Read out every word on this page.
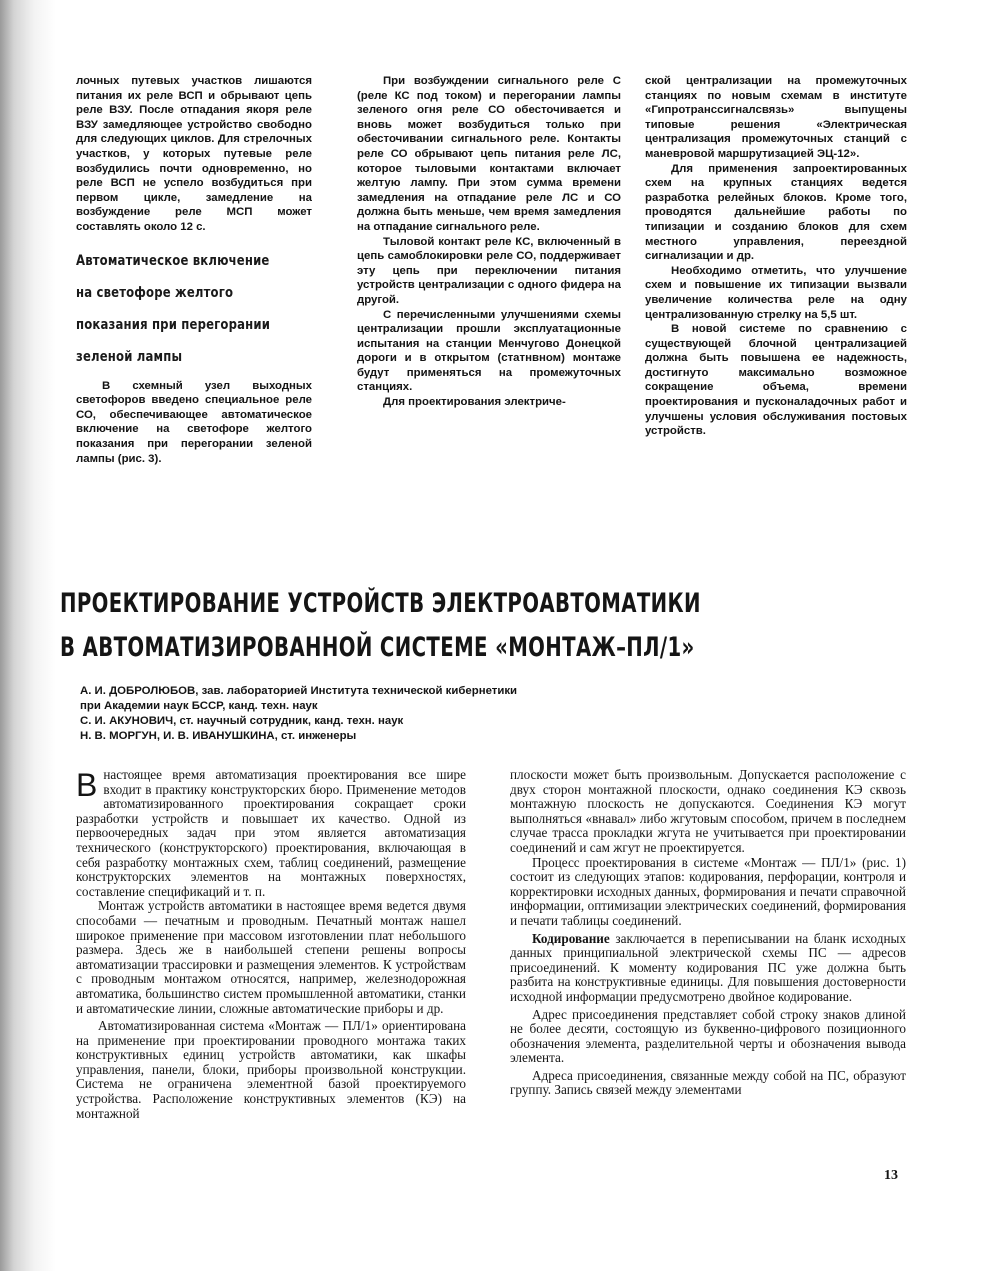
лочных путевых участков лишаются питания их реле ВСП и обрывают цепь реле ВЗУ. После отпадания якоря реле ВЗУ замедляющее устройство свободно для следующих циклов. Для стрелочных участков, у которых путевые реле возбудились почти одновременно, но реле ВСП не успело возбудиться при первом цикле, замедление на возбуждение реле МСП может составлять около 12 с.

Автоматическое включение
на светофоре желтого
показания при перегорании
зеленой лампы

В схемный узел выходных светофоров введено специальное реле СО, обеспечивающее автоматическое включение на светофоре желтого показания при перегорании зеленой лампы (рис. 3).

При возбуждении сигнального реле С (реле КС под током) и перегорании лампы зеленого огня реле СО обесточивается и вновь может возбудиться только при обесточивании сигнального реле. Контакты реле СО обрывают цепь питания реле ЛС, которое тыловыми контактами включает желтую лампу. При этом сумма времени замедления на отпадание реле ЛС и СО должна быть меньше, чем время замедления на отпадание сигнального реле.

Тыловой контакт реле КС, включенный в цепь самоблокировки реле СО, поддерживает эту цепь при переключении питания устройств централизации с одного фидера на другой.

С перечисленными улучшениями схемы централизации прошли эксплуатационные испытания на станции Менчугово Донецкой дороги и в открытом (статнвном) монтаже будут применяться на промежуточных станциях.

Для проектирования электриче-

ской централизации на промежуточных станциях по новым схемам в институте «Гипротранссигналсвязь» выпущены типовые решения «Электрическая централизация промежуточных станций с маневровой маршрутизацией ЭЦ-12».

Для применения запроектированных схем на крупных станциях ведется разработка релейных блоков. Кроме того, проводятся дальнейшие работы по типизации и созданию блоков для схем местного управления, переездной сигнализации и др.

Необходимо отметить, что улучшение схем и повышение их типизации вызвали увеличение количества реле на одну централизованную стрелку на 5,5 шт.

В новой системе по сравнению с существующей блочной централизацией должна быть повышена ее надежность, достигнуто максимально возможное сокращение объема, времени проектирования и пусконаладочных работ и улучшены условия обслуживания постовых устройств.

ПРОЕКТИРОВАНИЕ УСТРОЙСТВ ЭЛЕКТРОАВТОМАТИКИ
В АВТОМАТИЗИРОВАННОЙ СИСТЕМЕ «МОНТАЖ–ПЛ/1»
А. И. ДОБРОЛЮБОВ, зав. лабораторией Института технической кибернетики
при Академии наук БССР, канд. техн. наук
С. И. АКУНОВИЧ, ст. научный сотрудник, канд. техн. наук
Н. В. МОРГУН, И. В. ИВАНУШКИНА, ст. инженеры

Внастоящее время автоматизация проектирования все шире входит в практику конструкторских бюро. Применение методов автоматизированного проектирования сокращает сроки разработки устройств и повышает их качество. Одной из первоочередных задач при этом является автоматизация технического (конструкторского) проектирования, включающая в себя разработку монтажных схем, таблиц соединений, размещение конструкторских элементов на монтажных поверхностях, составление спецификаций и т. п.

Монтаж устройств автоматики в настоящее время ведется двумя способами — печатным и проводным. Печатный монтаж нашел широкое применение при массовом изготовлении плат небольшого размера. Здесь же в наибольшей степени решены вопросы автоматизации трассировки и размещения элементов. К устройствам с проводным монтажом относятся, например, железнодорожная автоматика, большинство систем промышленной автоматики, станки и автоматические линии, сложные автоматические приборы и др.

Автоматизированная система «Монтаж — ПЛ/1» ориентирована на применение при проектировании проводного монтажа таких конструктивных единиц устройств автоматики, как шкафы управления, панели, блоки, приборы произвольной конструкции. Система не ограничена элементной базой проектируемого устройства. Расположение конструктивных элементов (КЭ) на монтажной

плоскости может быть произвольным. Допускается расположение с двух сторон монтажной плоскости, однако соединения КЭ сквозь монтажную плоскость не допускаются. Соединения КЭ могут выполняться «внавал» либо жгутовым способом, причем в последнем случае трасса прокладки жгута не учитывается при проектировании соединений и сам жгут не проектируется.

Процесс проектирования в системе «Монтаж — ПЛ/1» (рис. 1) состоит из следующих этапов: кодирования, перфорации, контроля и корректировки исходных данных, формирования и печати справочной информации, оптимизации электрических соединений, формирования и печати таблицы соединений.

Кодирование заключается в переписывании на бланк исходных данных принципиальной электрической схемы ПС — адресов присоединений. К моменту кодирования ПС уже должна быть разбита на конструктивные единицы. Для повышения достоверности исходной информации предусмотрено двойное кодирование.

Адрес присоединения представляет собой строку знаков длиной не более десяти, состоящую из буквенно-цифрового позиционного обозначения элемента, разделительной черты и обозначения вывода элемента.

Адреса присоединения, связанные между собой на ПС, образуют группу. Запись связей между элементами

13
